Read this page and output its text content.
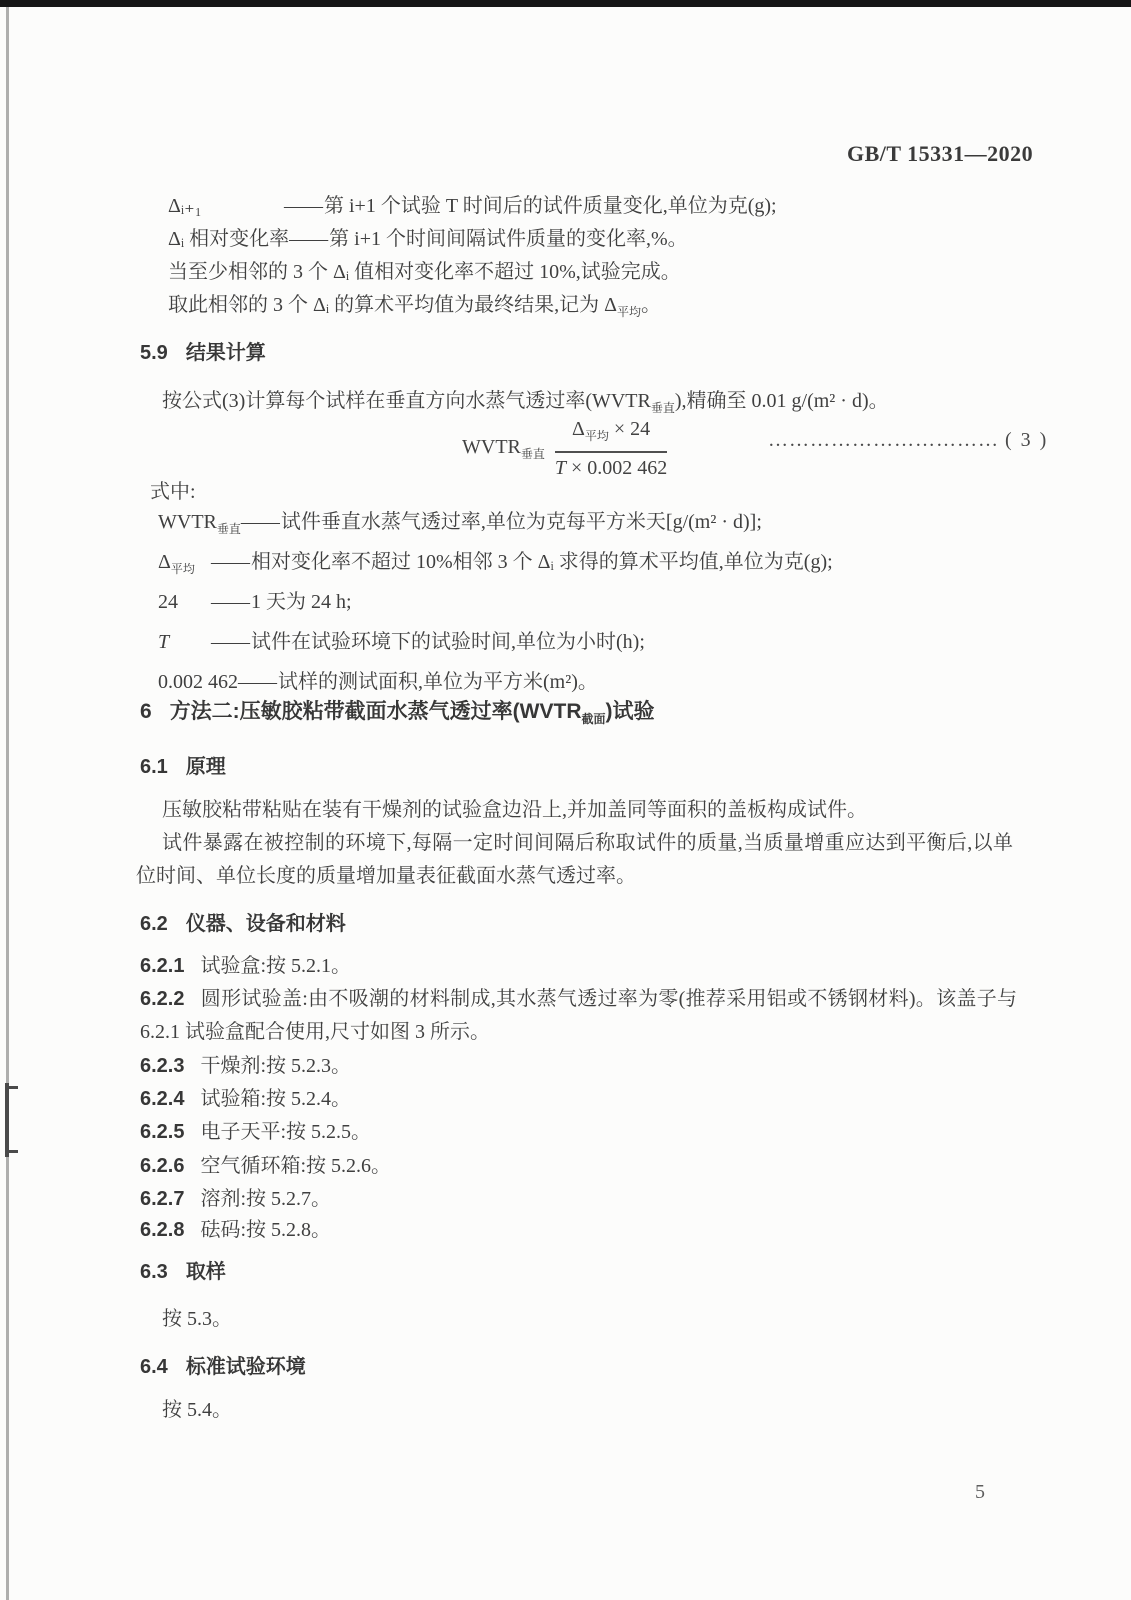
GB/T 15331—2020
Δᵢ₊₁	—— 第 i+1 个试验 T 时间后的试件质量变化,单位为克(g);
Δᵢ 相对变化率 —— 第 i+1 个时间间隔试件质量的变化率,%。
当至少相邻的 3 个 Δᵢ 值相对变化率不超过 10%,试验完成。
取此相邻的 3 个 Δᵢ 的算术平均值为最终结果,记为 $\Delta_{平均}$。
5.9 结果计算
按公式(3)计算每个试样在垂直方向水蒸气透过率$(WVTR_{垂直})$,精确至 0.01 g/(m² · d)。
$WVTR_{垂直} \frac{\Delta_{平均} \times 24}{T \times 0.002 462}$	…………………………… ( 3 )
式中:
$WVTR_{垂直}$ —— 试件垂直水蒸气透过率,单位为克每平方米天[g/(m² · d)];
$\Delta_{平均}$ —— 相对变化率不超过 10%相邻 3 个 Δᵢ 求得的算术平均值,单位为克(g);
24	—— 1 天为 24 h;
T	—— 试件在试验环境下的试验时间,单位为小时(h);
0.002 462 —— 试样的测试面积,单位为平方米(m²)。
6 方法二:压敏胶粘带截面水蒸气透过率$(WVTR_{截面})$试验
6.1 原理
压敏胶粘带粘贴在装有干燥剂的试验盒边沿上,并加盖同等面积的盖板构成试件。
试件暴露在被控制的环境下,每隔一定时间间隔后称取试件的质量,当质量增重应达到平衡后,以单位时间、单位长度的质量增加量表征截面水蒸气透过率。
6.2 仪器、设备和材料
6.2.1 试验盒:按 5.2.1。
6.2.2 圆形试验盖:由不吸潮的材料制成,其水蒸气透过率为零(推荐采用铝或不锈钢材料)。该盖子与 6.2.1 试验盒配合使用,尺寸如图 3 所示。
6.2.3 干燥剂:按 5.2.3。
6.2.4 试验箱:按 5.2.4。
6.2.5 电子天平:按 5.2.5。
6.2.6 空气循环箱:按 5.2.6。
6.2.7 溶剂:按 5.2.7。
6.2.8 砝码:按 5.2.8。
6.3 取样
按 5.3。
6.4 标准试验环境
按 5.4。
5
